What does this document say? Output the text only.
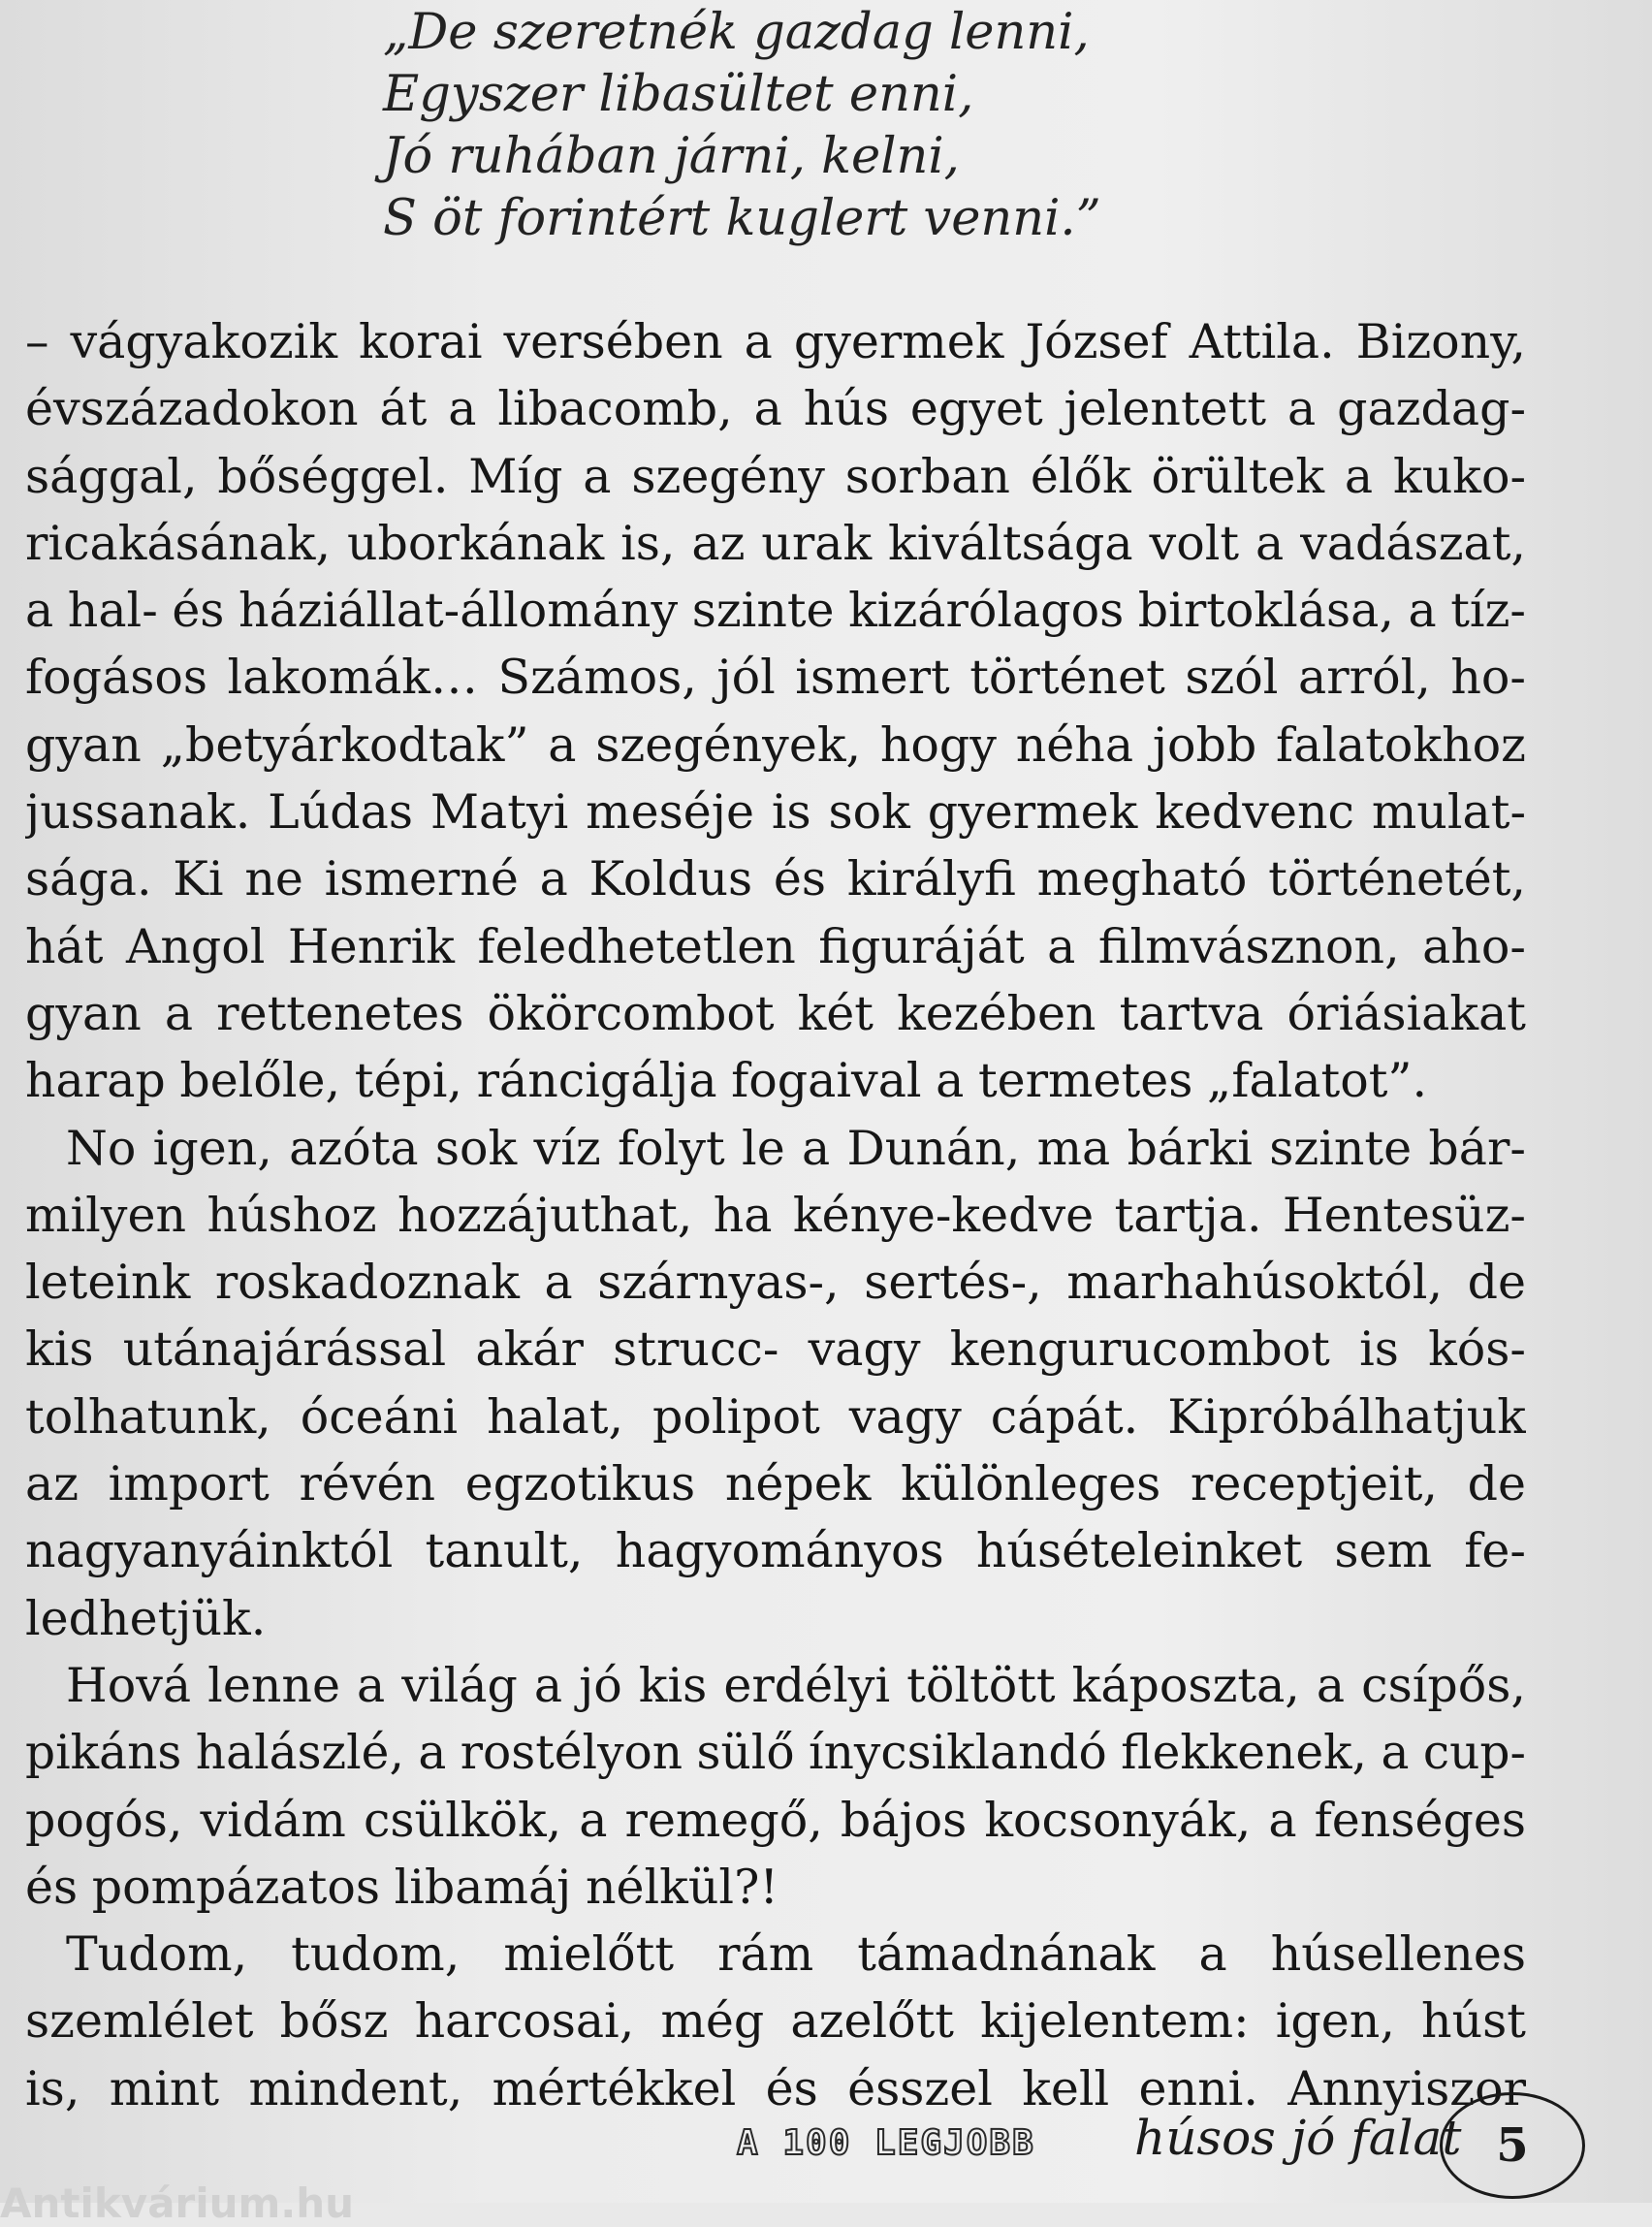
„De szeretnék gazdag lenni,
Egyszer libasültet enni,
Jó ruhában járni, kelni,
S öt forintért kuglert venni.”
– vágyakozik korai versében a gyermek József Attila. Bizony,
évszázadokon át a libacomb, a hús egyet jelentett a gazdag-
sággal, bőséggel. Míg a szegény sorban élők örültek a kuko-
ricakásának, uborkának is, az urak kiváltsága volt a vadászat,
a hal- és háziállat-állomány szinte kizárólagos birtoklása, a tíz-
fogásos lakomák… Számos, jól ismert történet szól arról, ho-
gyan „betyárkodtak” a szegények, hogy néha jobb falatokhoz
jussanak. Lúdas Matyi meséje is sok gyermek kedvenc mulat-
sága. Ki ne ismerné a Koldus és királyfi megható történetét,
hát Angol Henrik feledhetetlen figuráját a filmvásznon, aho-
gyan a rettenetes ökörcombot két kezében tartva óriásiakat
harap belőle, tépi, ráncigálja fogaival a termetes „falatot”.
No igen, azóta sok víz folyt le a Dunán, ma bárki szinte bár-
milyen húshoz hozzájuthat, ha kénye-kedve tartja. Hentesüz-
leteink roskadoznak a szárnyas-, sertés-, marhahúsoktól, de
kis utánajárással akár strucc- vagy kengurucombot is kós-
tolhatunk, óceáni halat, polipot vagy cápát. Kipróbálhatjuk
az import révén egzotikus népek különleges receptjeit, de
nagyanyáinktól tanult, hagyományos húsételeinket sem fe-
ledhetjük.
Hová lenne a világ a jó kis erdélyi töltött káposzta, a csípős,
pikáns halászlé, a rostélyon sülő ínycsiklandó flekkenek, a cup-
pogós, vidám csülkök, a remegő, bájos kocsonyák, a fenséges
és pompázatos libamáj nélkül?!
Tudom, tudom, mielőtt rám támadnának a húsellenes
szemlélet bősz harcosai, még azelőtt kijelentem: igen, húst
is, mint mindent, mértékkel és ésszel kell enni. Annyiszor
A 100 LEGJOBB húsos jó falat 5
Antikvárium.hu
